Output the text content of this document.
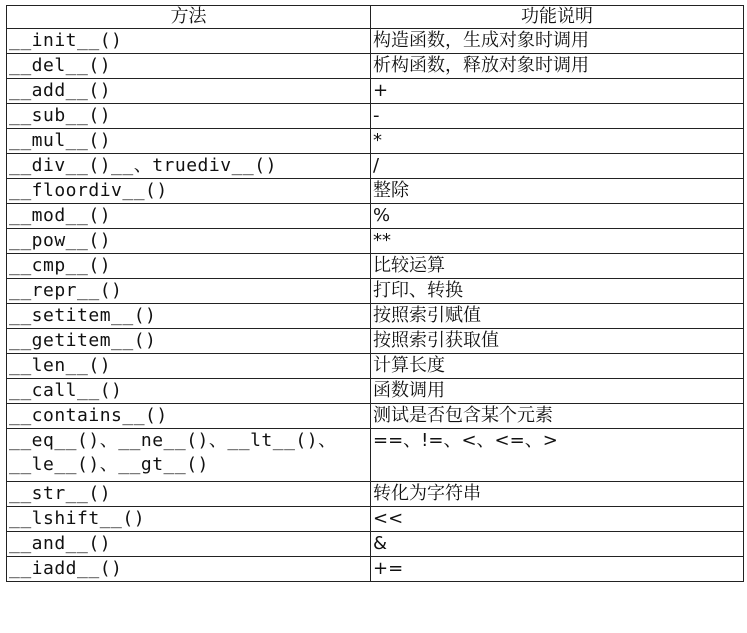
方法	功能说明
__init__()	构造函数，生成对象时调用
__del__()	析构函数，释放对象时调用
__add__()	+
__sub__()	-
__mul__()	*
__div__()__、truediv__()	/
__floordiv__()	整除
__mod__()	%
__pow__()	**
__cmp__()	比较运算
__repr__()	打印、转换
__setitem__()	按照索引赋值
__getitem__()	按照索引获取值
__len__()	计算长度
__call__()	函数调用
__contains__()	测试是否包含某个元素
__eq__()、__ne__()、__lt__()、__le__()、__gt__()	==、!=、<、<=、>
__str__()	转化为字符串
__lshift__()	<<
__and__()	&
__iadd__()	+=
